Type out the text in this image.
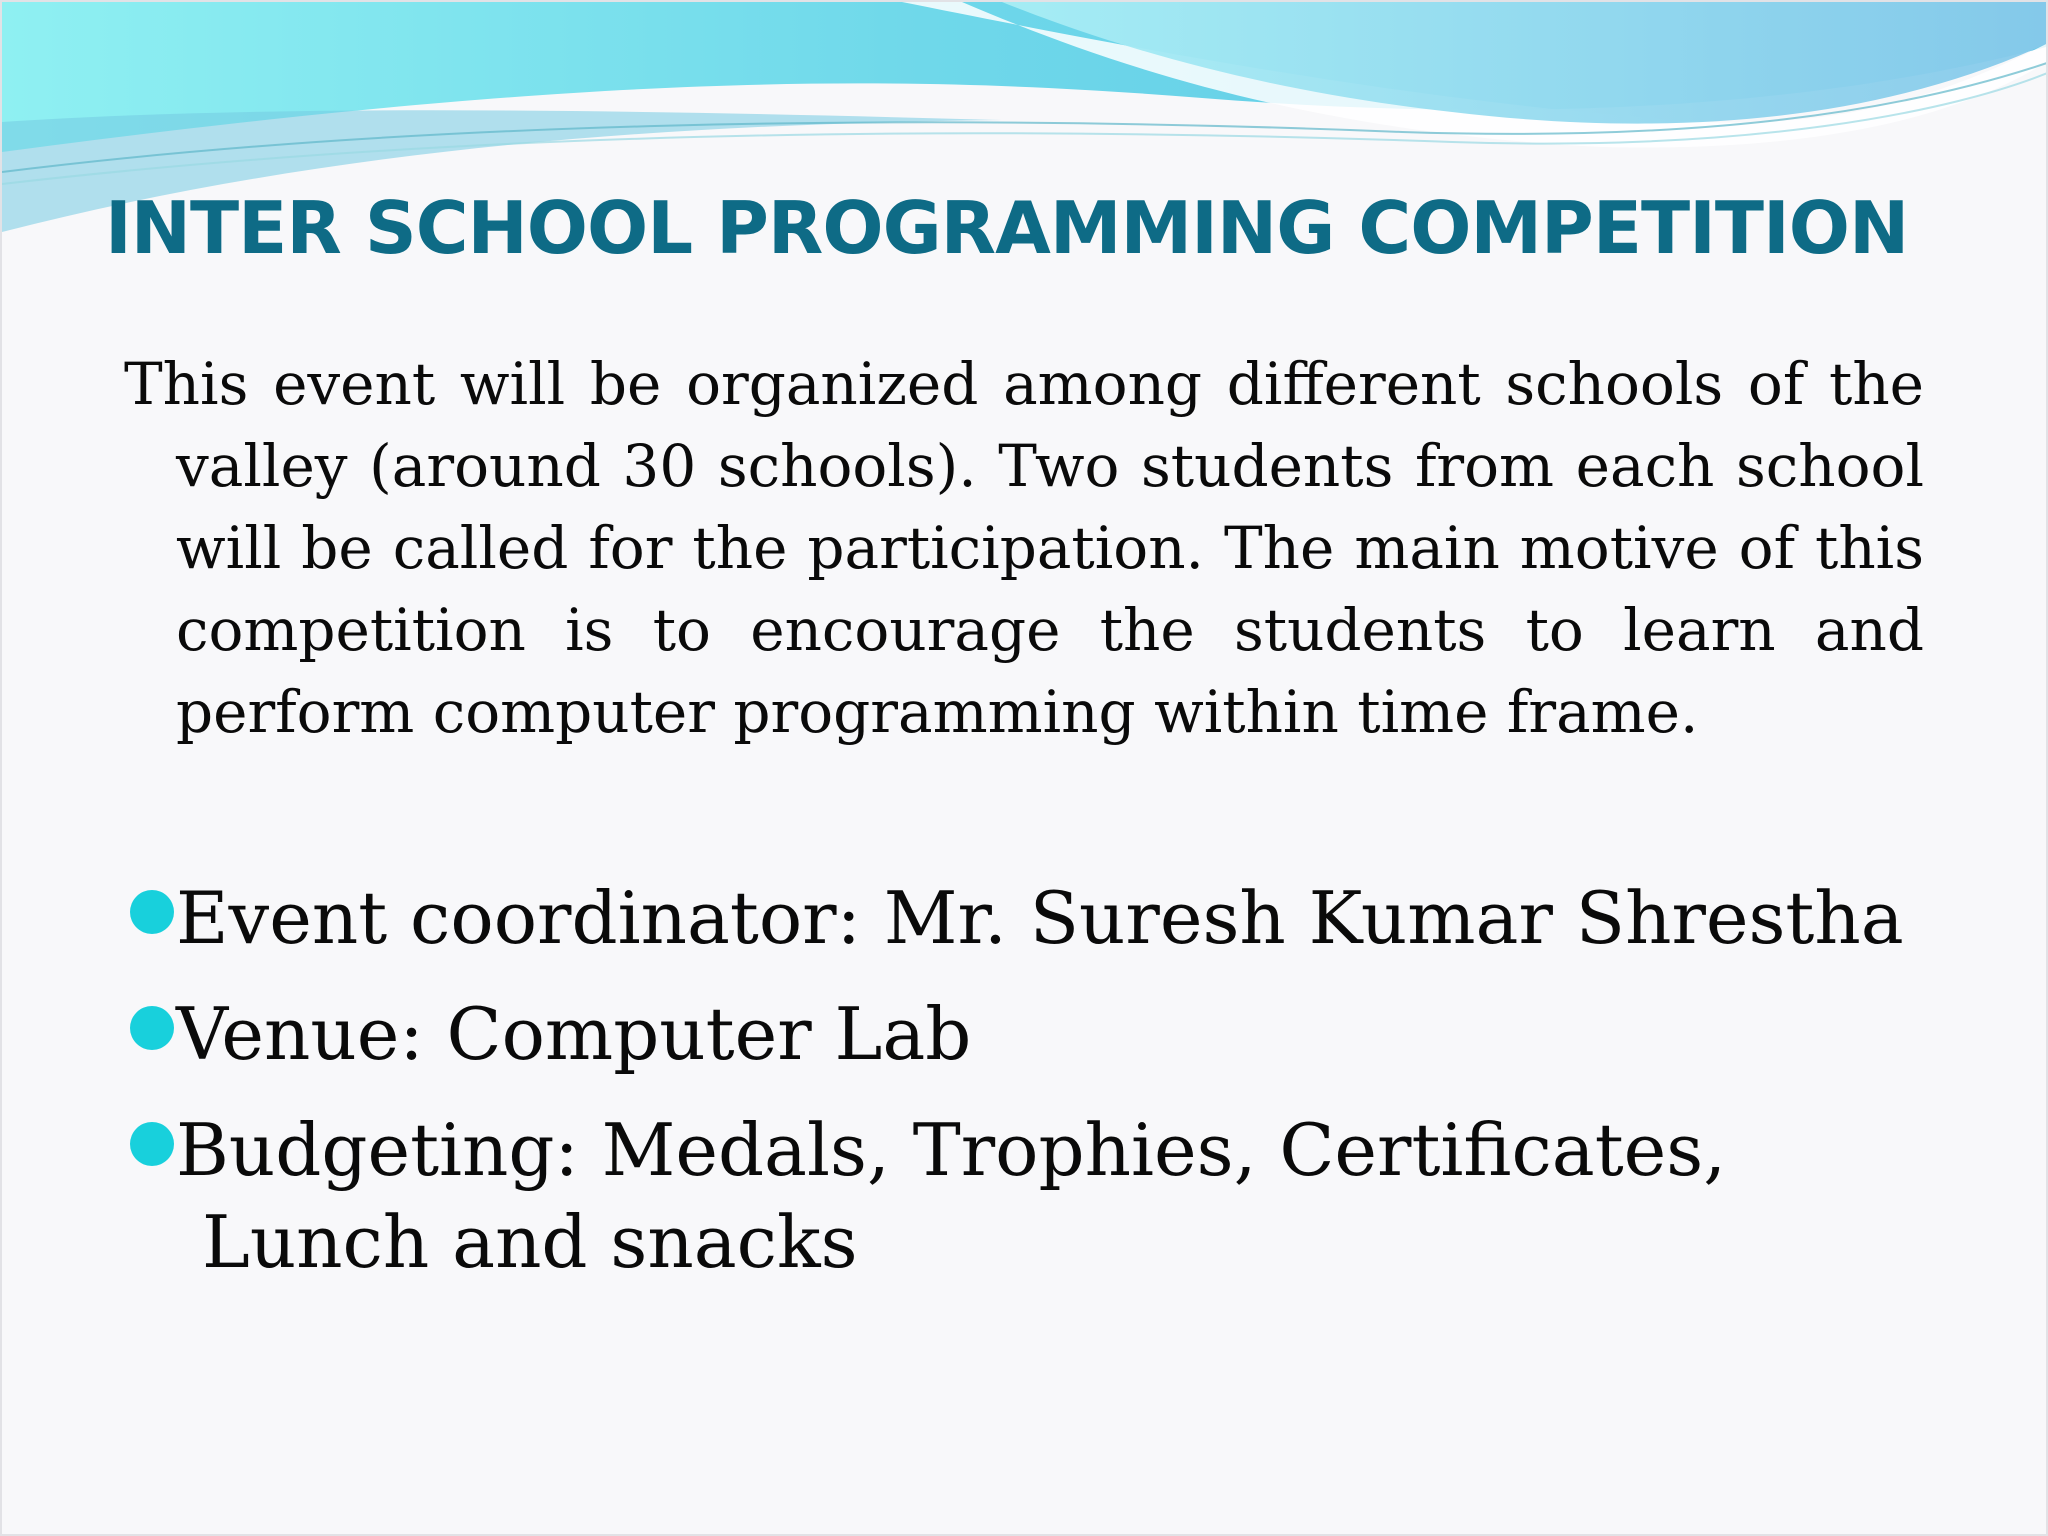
INTER SCHOOL PROGRAMMING COMPETITION

This event will be organized among different schools of the valley (around 30 schools). Two students from each school will be called for the participation. The main motive of this competition is to encourage the students to learn and perform computer programming within time frame.

Event coordinator: Mr. Suresh Kumar Shrestha
Venue: Computer Lab
Budgeting: Medals, Trophies, Certificates, Lunch and snacks
